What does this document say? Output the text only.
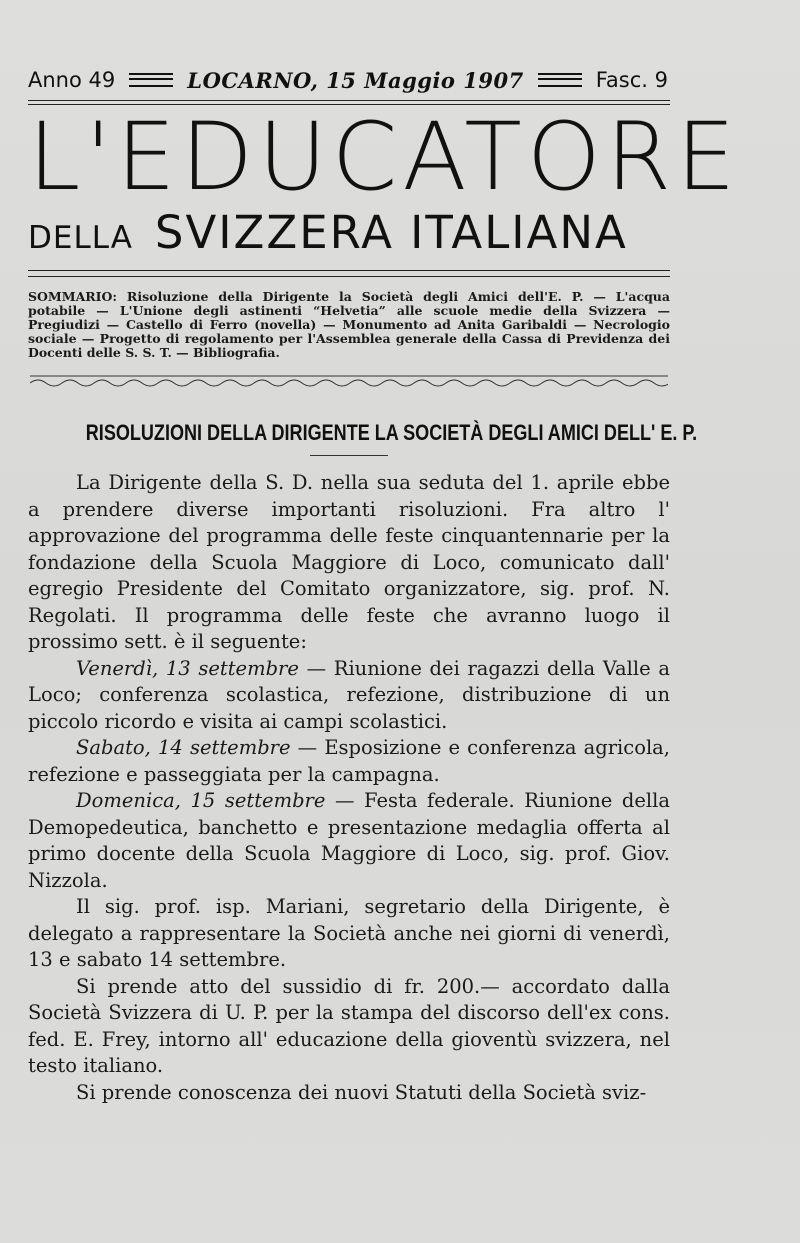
Anno 49	LOCARNO, 15 Maggio 1907	Fasc. 9
L'EDUCATORE
DELLA SVIZZERA ITALIANA
SOMMARIO: Risoluzione della Dirigente la Società degli Amici dell'E. P. — L'acqua potabile — L'Unione degli astinenti “Helvetia” alle scuole medie della Svizzera — Pregiudizi — Castello di Ferro (novella) — Monumento ad Anita Garibaldi — Necrologio sociale — Progetto di regolamento per l'Assemblea generale della Cassa di Previdenza dei Docenti delle S. S. T. — Bibliografia.
RISOLUZIONI DELLA DIRIGENTE LA SOCIETÀ DEGLI AMICI DELL' E. P.

La Dirigente della S. D. nella sua seduta del 1. aprile ebbe a prendere diverse importanti risoluzioni. Fra altro l' approvazione del programma delle feste cinquantennarie per la fondazione della Scuola Maggiore di Loco, comunicato dall' egregio Presidente del Comitato organizzatore, sig. prof. N. Regolati. Il programma delle feste che avranno luogo il prossimo sett. è il seguente:

Venerdì, 13 settembre — Riunione dei ragazzi della Valle a Loco; conferenza scolastica, refezione, distribuzione di un piccolo ricordo e visita ai campi scolastici.

Sabato, 14 settembre — Esposizione e conferenza agricola, refezione e passeggiata per la campagna.

Domenica, 15 settembre — Festa federale. Riunione della Demopedeutica, banchetto e presentazione medaglia offerta al primo docente della Scuola Maggiore di Loco, sig. prof. Giov. Nizzola.

Il sig. prof. isp. Mariani, segretario della Dirigente, è delegato a rappresentare la Società anche nei giorni di venerdì, 13 e sabato 14 settembre.

Si prende atto del sussidio di fr. 200.— accordato dalla Società Svizzera di U. P. per la stampa del discorso dell'ex cons. fed. E. Frey, intorno all' educazione della gioventù svizzera, nel testo italiano.

Si prende conoscenza dei nuovi Statuti della Società sviz-
